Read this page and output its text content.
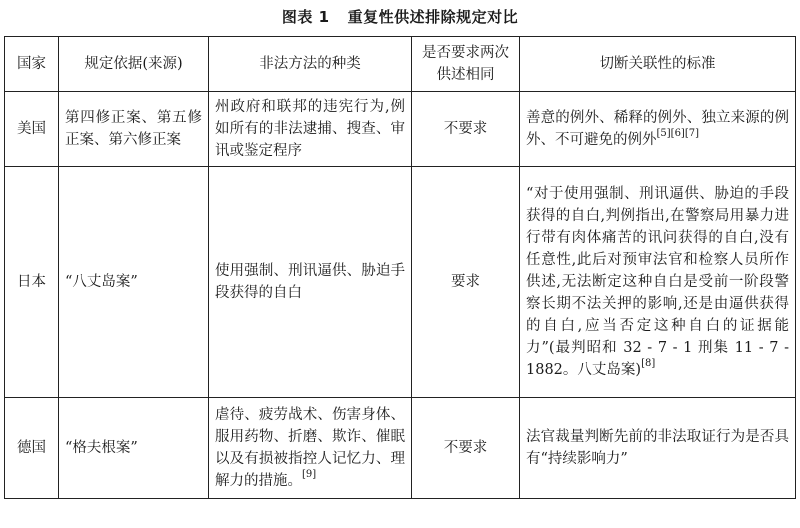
图表 1 重复性供述排除规定对比
国家	规定依据(来源)	非法方法的种类	是否要求两次供述相同	切断关联性的标准
美国	第四修正案、第五修正案、第六修正案	州政府和联邦的违宪行为,例如所有的非法逮捕、搜查、审讯或鉴定程序	不要求	善意的例外、稀释的例外、独立来源的例外、不可避免的例外[5][6][7]
日本	“八丈岛案”	使用强制、刑讯逼供、胁迫手段获得的自白	要求	“对于使用强制、刑讯逼供、胁迫的手段获得的自白,判例指出,在警察局用暴力进行带有肉体痛苦的讯问获得的自白,没有任意性,此后对预审法官和检察人员所作供述,无法断定这种自白是受前一阶段警察长期不法关押的影响,还是由逼供获得的自白,应当否定这种自白的证据能力”(最判昭和 32 - 7 - 1 刑集 11 - 7 - 1882。八丈岛案)[8]
德国	“格夫根案”	虐待、疲劳战术、伤害身体、服用药物、折磨、欺诈、催眠以及有损被指控人记忆力、理解力的措施。[9]	不要求	法官裁量判断先前的非法取证行为是否具有“持续影响力”
